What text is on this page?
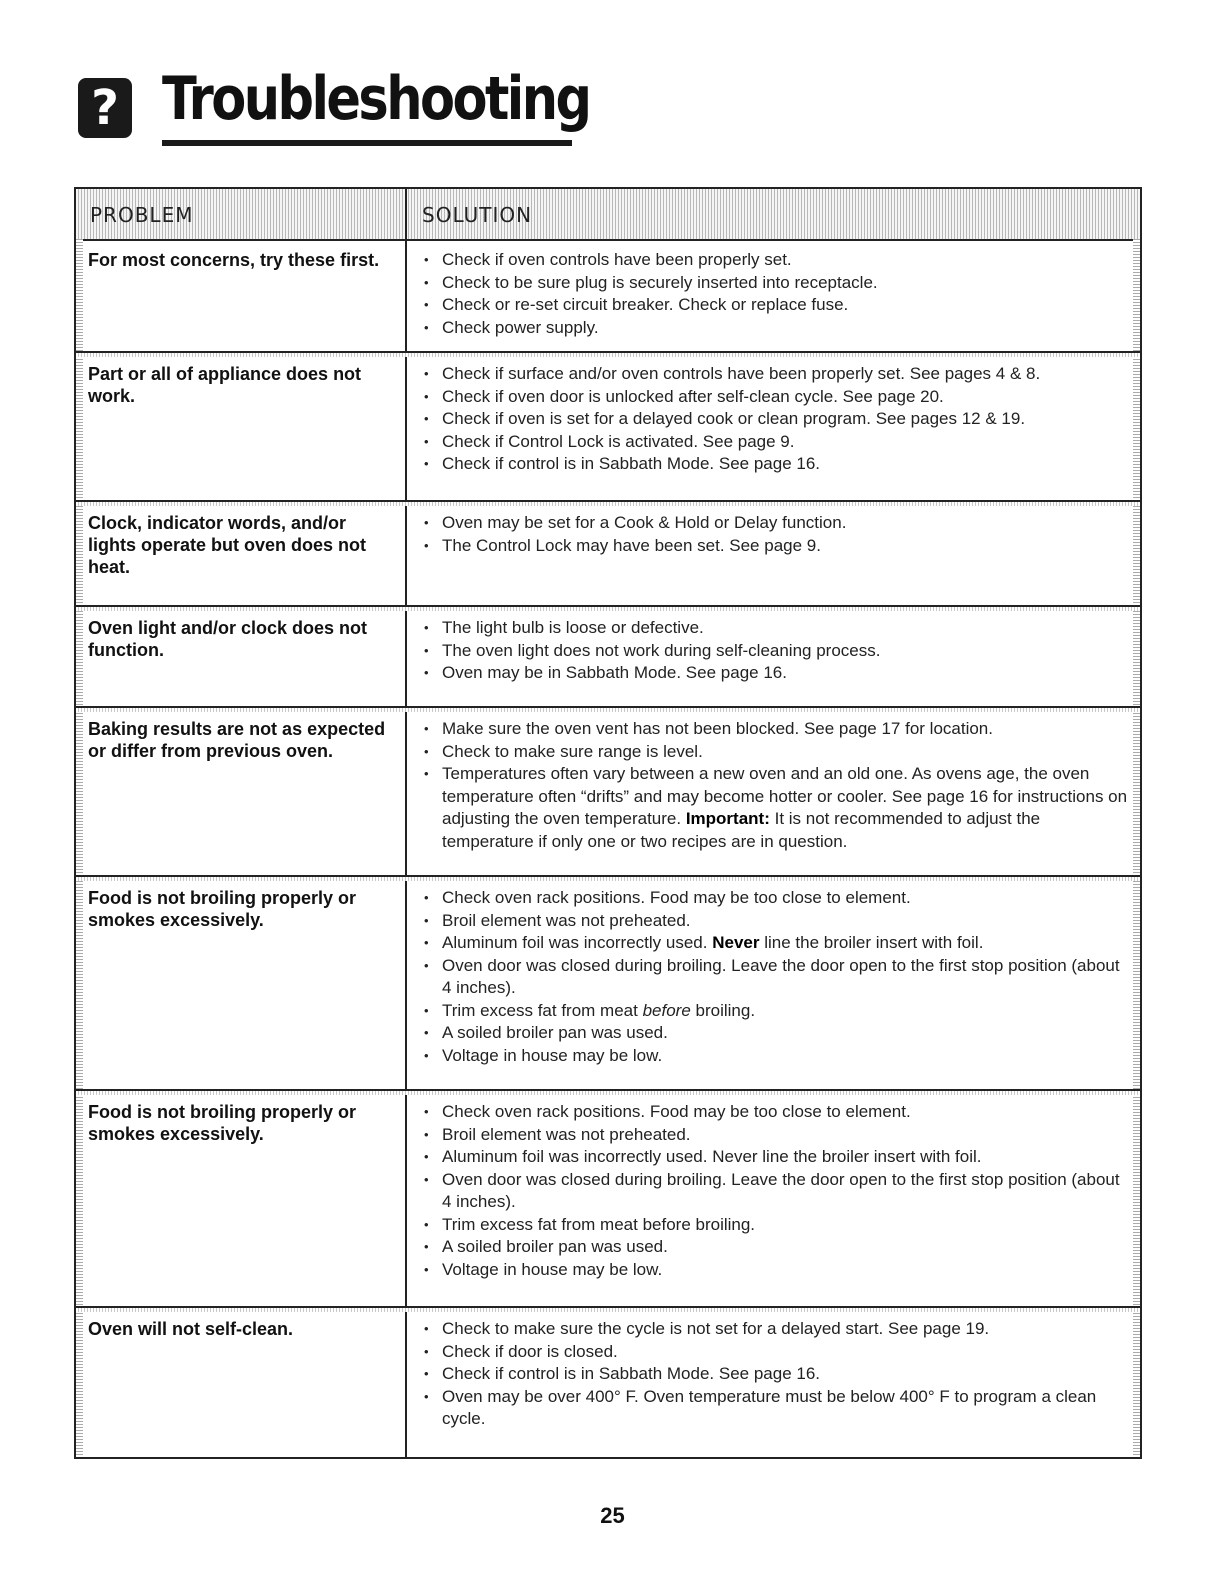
? Troubleshooting
PROBLEM	SOLUTION
For most concerns, try these first.	• Check if oven controls have been properly set.
• Check to be sure plug is securely inserted into receptacle.
• Check or re-set circuit breaker. Check or replace fuse.
• Check power supply.
Part or all of appliance does not work.
• Check if surface and/or oven controls have been properly set. See pages 4 & 8.
• Check if oven door is unlocked after self-clean cycle. See page 20.
• Check if oven is set for a delayed cook or clean program. See pages 12 & 19.
• Check if Control Lock is activated. See page 9.
• Check if control is in Sabbath Mode. See page 16.
Clock, indicator words, and/or lights operate but oven does not heat.
• Oven may be set for a Cook & Hold or Delay function.
• The Control Lock may have been set. See page 9.
Oven light and/or clock does not function.
• The light bulb is loose or defective.
• The oven light does not work during self-cleaning process.
• Oven may be in Sabbath Mode. See page 16.
Baking results are not as expected or differ from previous oven.
• Make sure the oven vent has not been blocked. See page 17 for location.
• Check to make sure range is level.
• Temperatures often vary between a new oven and an old one. As ovens age, the oven temperature often “drifts” and may become hotter or cooler. See page 16 for instructions on adjusting the oven temperature. Important: It is not recommended to adjust the temperature if only one or two recipes are in question.
Food is not broiling properly or smokes excessively.
• Check oven rack positions. Food may be too close to element.
• Broil element was not preheated.
• Aluminum foil was incorrectly used. Never line the broiler insert with foil.
• Oven door was closed during broiling. Leave the door open to the first stop position (about 4 inches).
• Trim excess fat from meat before broiling.
• A soiled broiler pan was used.
• Voltage in house may be low.
Food is not broiling properly or smokes excessively.
• Check oven rack positions. Food may be too close to element.
• Broil element was not preheated.
• Aluminum foil was incorrectly used. Never line the broiler insert with foil.
• Oven door was closed during broiling. Leave the door open to the first stop position (about 4 inches).
• Trim excess fat from meat before broiling.
• A soiled broiler pan was used.
• Voltage in house may be low.
Oven will not self-clean.	• Check to make sure the cycle is not set for a delayed start. See page 19.
• Check if door is closed.
• Check if control is in Sabbath Mode. See page 16.
• Oven may be over 400° F. Oven temperature must be below 400° F to program a clean cycle.
25
